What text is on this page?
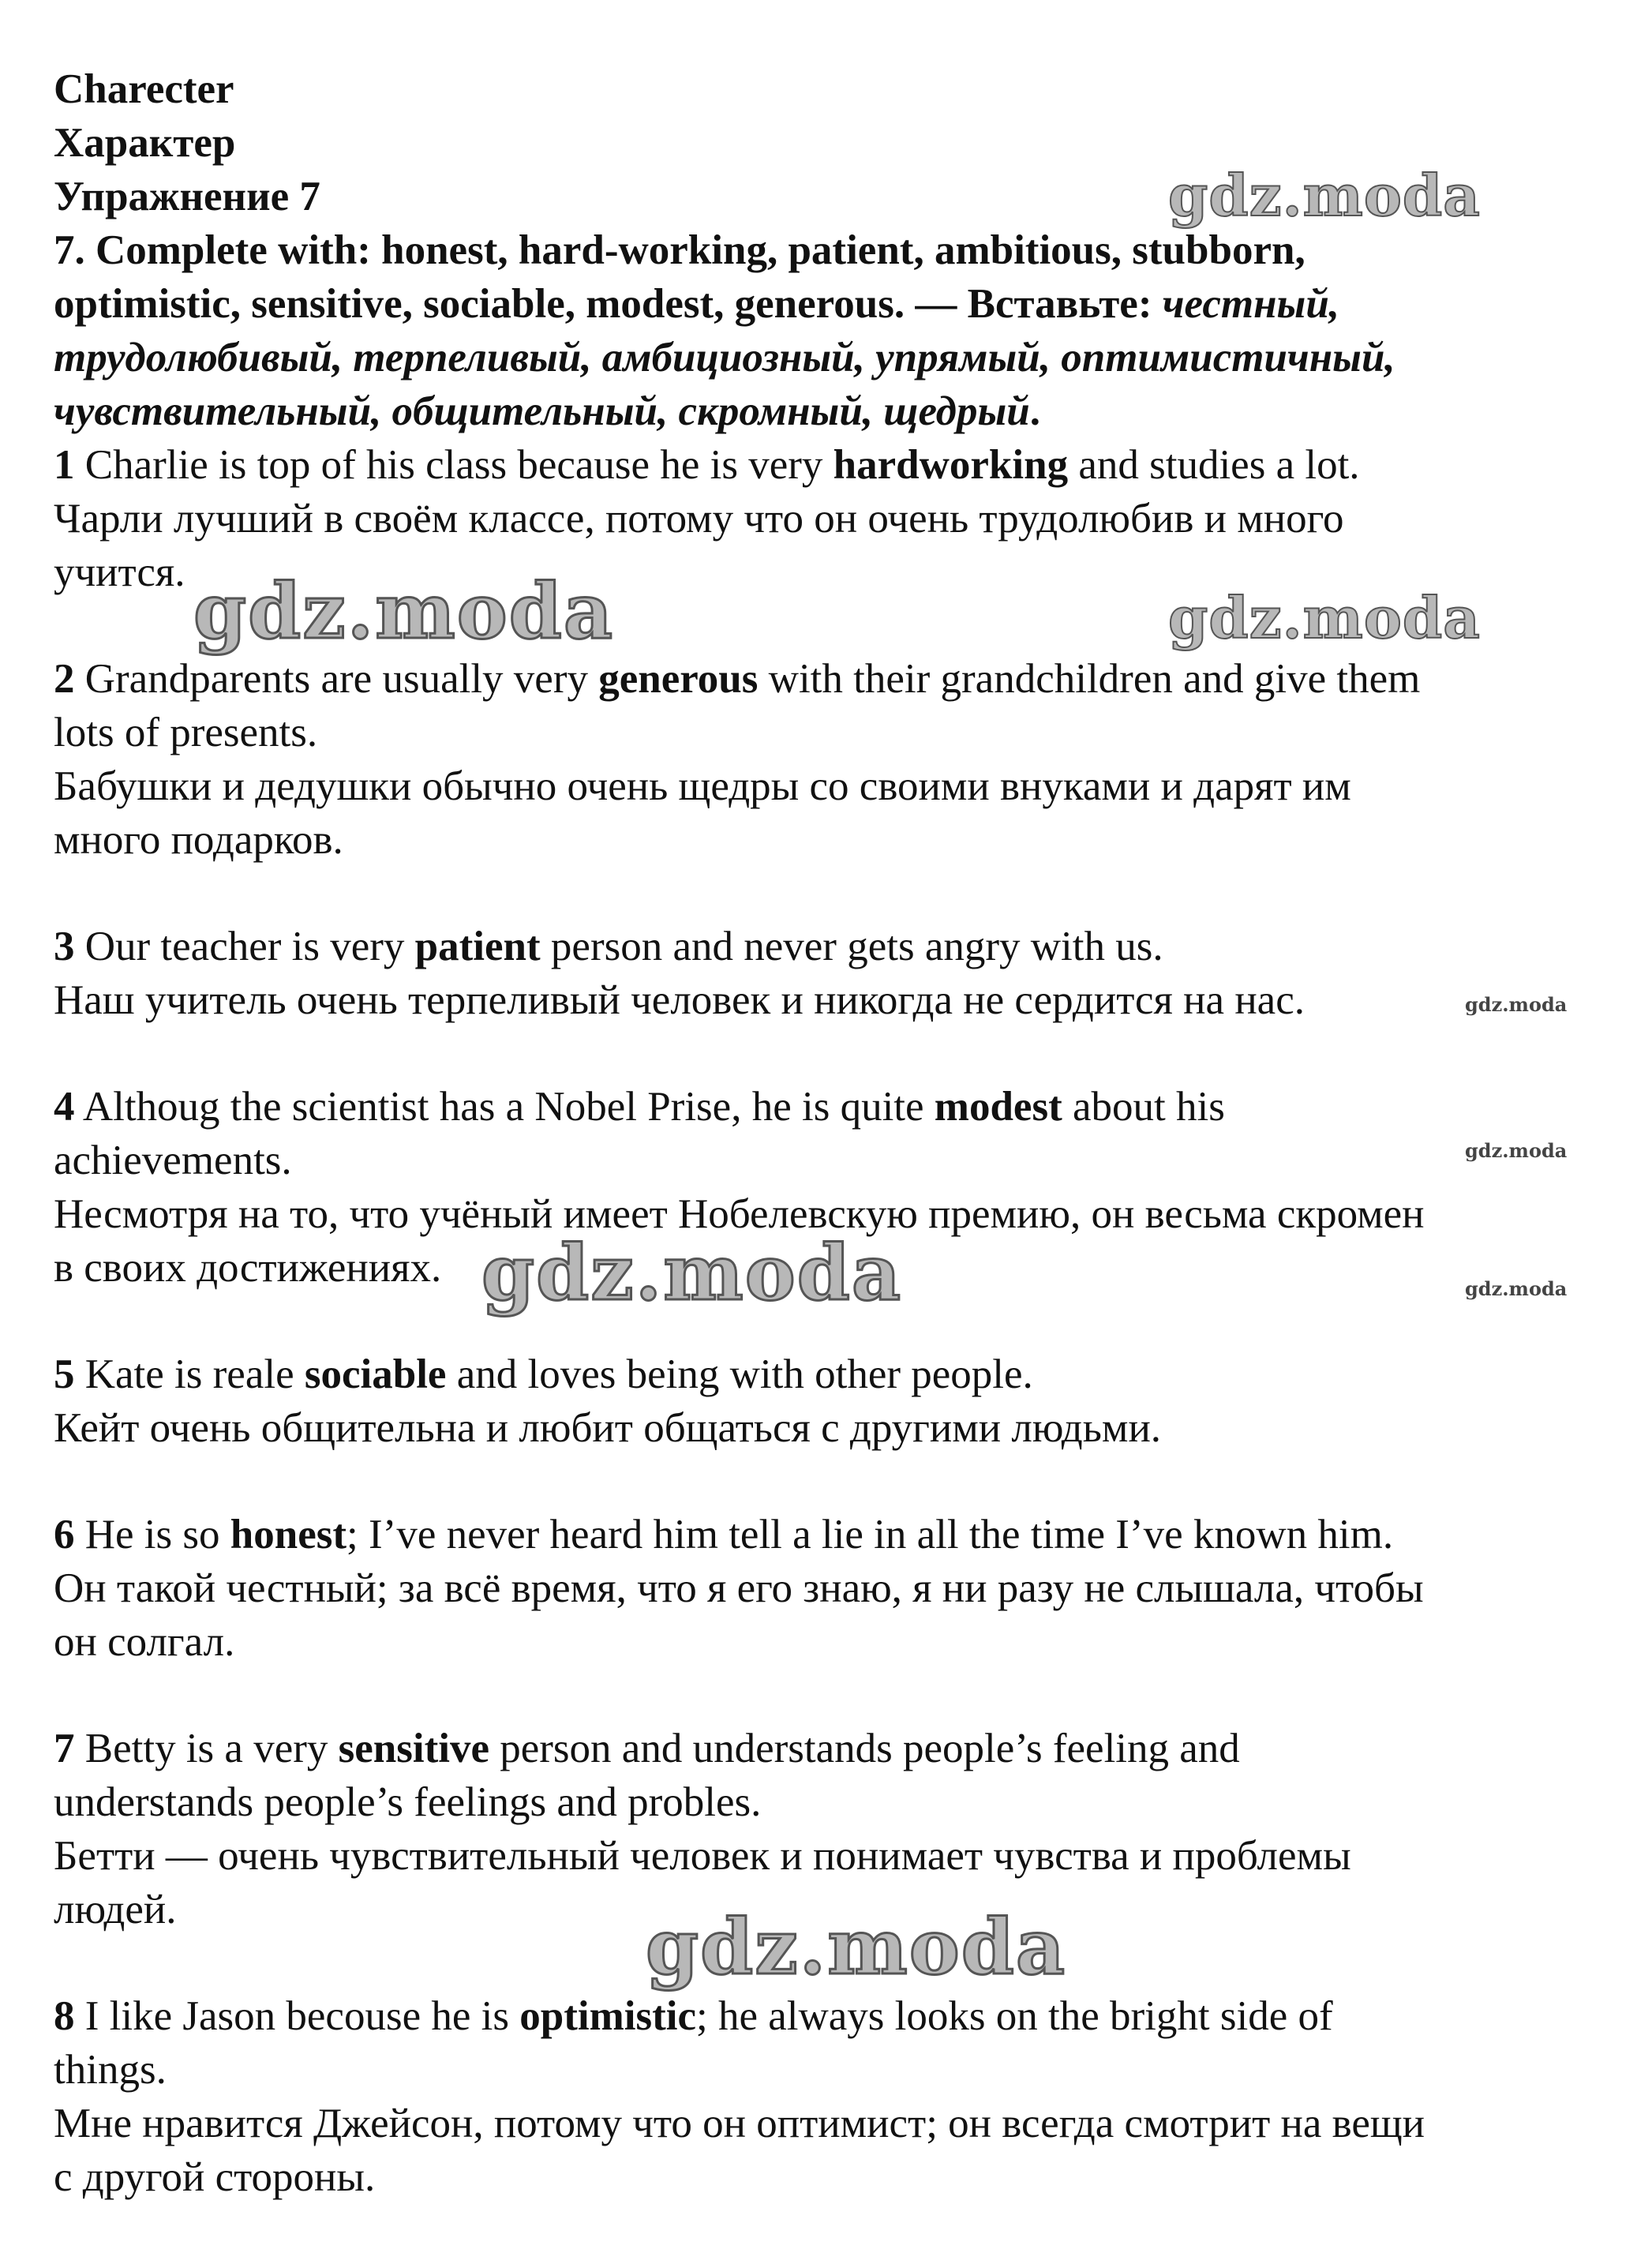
Charecter

Характер

Упражнение 7

7. Complete with: honest, hard-working, patient, ambitious, stubborn,

optimistic, sensitive, sociable, modest, generous. — Вставьте: честный,

трудолюбивый, терпеливый, амбициозный, упрямый, оптимистичный,

чувствительный, общительный, скромный, щедрый.

1 Charlie is top of his class because he is very hardworking and studies a lot.

Чарли лучший в своём классе, потому что он очень трудолюбив и много

учится.

2 Grandparents are usually very generous with their grandchildren and give them

lots of presents.

Бабушки и дедушки обычно очень щедры со своими внуками и дарят им

много подарков.

3 Our teacher is very patient person and never gets angry with us.

Наш учитель очень терпеливый человек и никогда не сердится на нас.

4 Althoug the scientist has a Nobel Prise, he is quite modest about his

achievements.

Несмотря на то, что учёный имеет Нобелевскую премию, он весьма скромен

в своих достижениях.

5 Kate is reale sociable and loves being with other people.

Кейт очень общительна и любит общаться с другими людьми.

6 He is so honest; I’ve never heard him tell a lie in all the time I’ve known him.

Он такой честный; за всё время, что я его знаю, я ни разу не слышала, чтобы

он солгал.

7 Betty is a very sensitive person and understands people’s feeling and

understands people’s feelings and probles.

Бетти — очень чувствительный человек и понимает чувства и проблемы

людей.

8 I like Jason becouse he is optimistic; he always looks on the bright side of

things.

Мне нравится Джейсон, потому что он оптимист; он всегда смотрит на вещи

с другой стороны.

gdz.moda
gdz.moda	gdz.moda
gdz.moda
gdz.moda
gdz.moda	gdz.moda
gdz.moda
